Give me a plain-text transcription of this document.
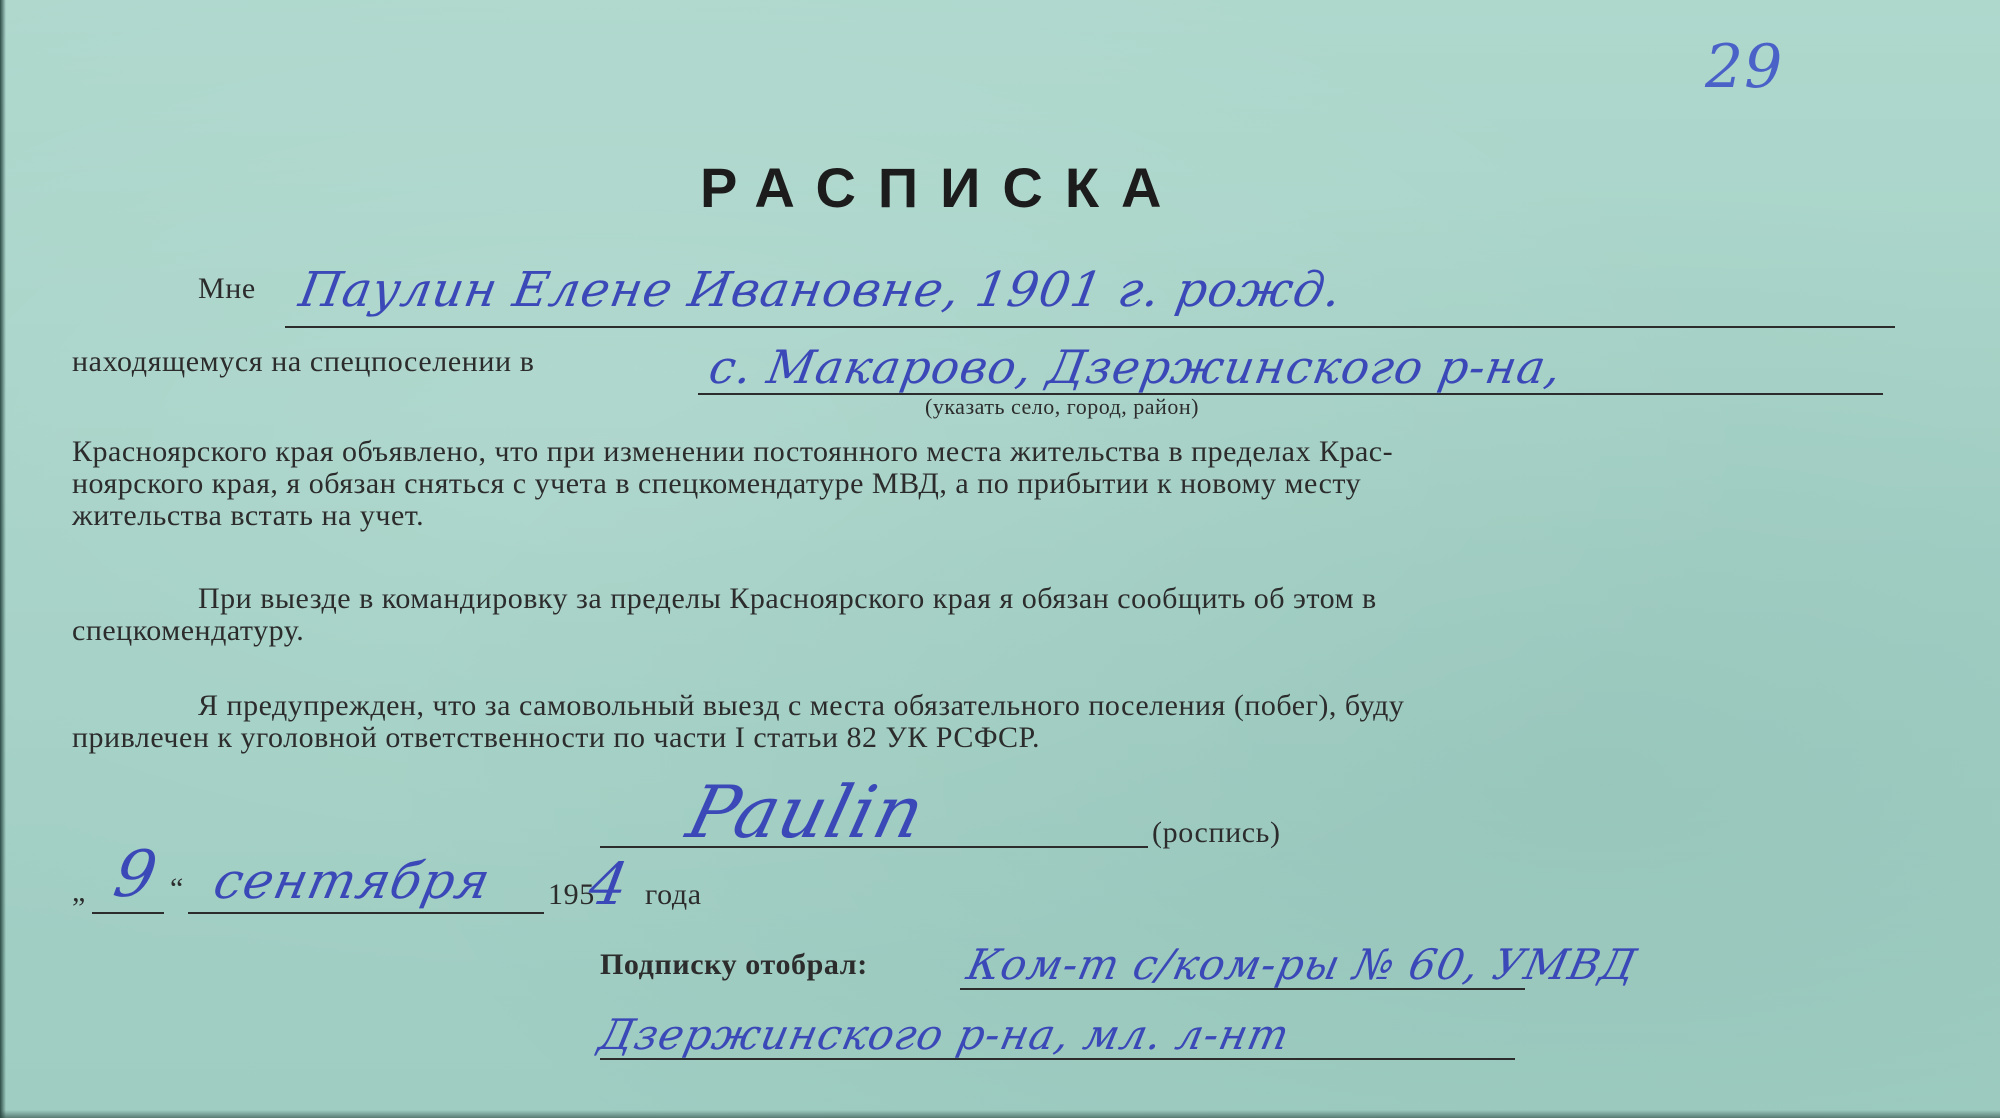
29
РАСПИСКА
Мне Паулин Елене Ивановне, 1901 г. рожд.
находящемуся на спецпоселении в	с. Макарово, Дзержинского р-на,
(указать село, город, район)
Красноярского края объявлено, что при изменении постоянного места жительства в пределах Крас-
ноярского края, я обязан сняться с учета в спецкомендатуре МВД, а по прибытии к новому месту
жительства встать на учет.
При выезде в командировку за пределы Красноярского края я обязан сообщить об этом в
спецкомендатуру.
Я предупрежден, что за самовольный выезд с места обязательного поселения (побег), буду
привлечен к уголовной ответственности по части I статьи 82 УК РСФСР.
Paulin	(роспись)
„ 9 “ сентября 195
4 года
Подписку отобрал: Ком-т с/ком-ры № 60, УМВД
Дзержинского р-на, мл. л-нт
